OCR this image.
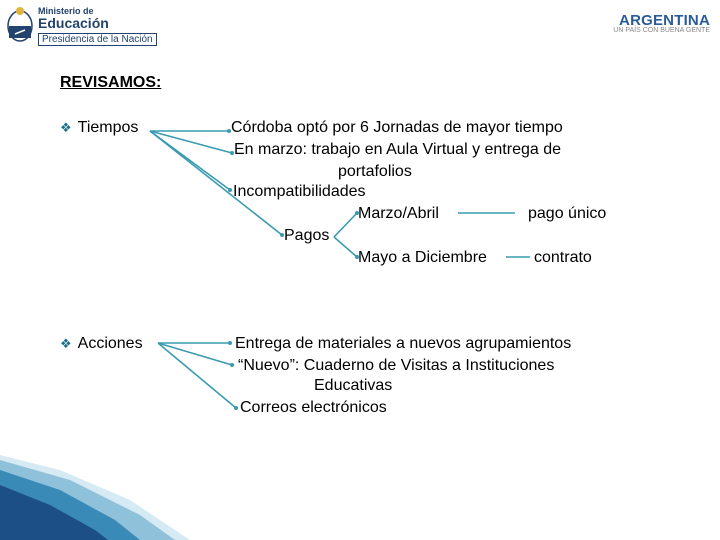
Ministerio de
Educación
Presidencia de la Nación
ARGENTINA
UN PAÍS CON BUENA GENTE
REVISAMOS:
❖ Tiempos	Córdoba optó por 6 Jornadas de mayor tiempo
En marzo: trabajo en Aula Virtual y entrega de
portafolios
Incompatibilidades
Marzo/Abril	pago único
Pagos
Mayo a Diciembre	contrato
❖ Acciones	Entrega de materiales a nuevos agrupamientos
“Nuevo”: Cuaderno de Visitas a Instituciones
Educativas
Correos electrónicos
